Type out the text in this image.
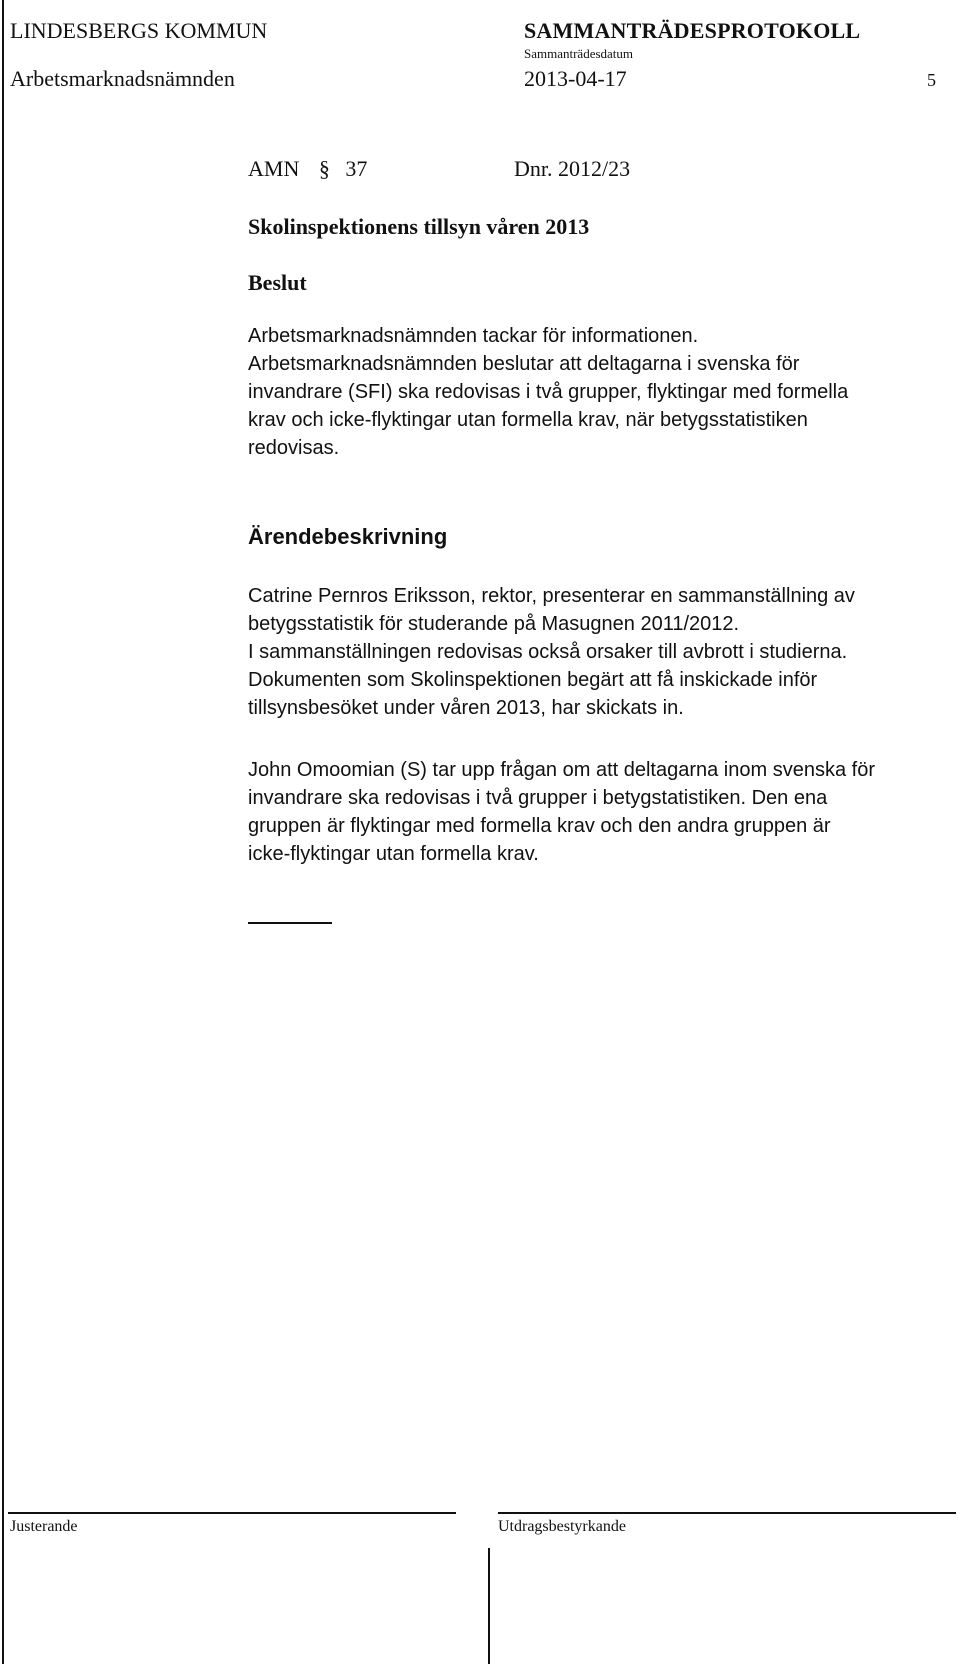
LINDESBERGS KOMMUN
Arbetsmarknadsnämnden
SAMMANTRÄDESPROTOKOLL
Sammanträdesdatum
2013-04-17	5
AMN § 37	Dnr. 2012/23
Skolinspektionens tillsyn våren 2013
Beslut
Arbetsmarknadsnämnden tackar för informationen.
Arbetsmarknadsnämnden beslutar att deltagarna i svenska för
invandrare (SFI) ska redovisas i två grupper, flyktingar med formella
krav och icke-flyktingar utan formella krav, när betygsstatistiken
redovisas.
Ärendebeskrivning
Catrine Pernros Eriksson, rektor, presenterar en sammanställning av
betygsstatistik för studerande på Masugnen 2011/2012.
I sammanställningen redovisas också orsaker till avbrott i studierna.
Dokumenten som Skolinspektionen begärt att få inskickade inför
tillsynsbesöket under våren 2013, har skickats in.
John Omoomian (S) tar upp frågan om att deltagarna inom svenska för
invandrare ska redovisas i två grupper i betygstatistiken. Den ena
gruppen är flyktingar med formella krav och den andra gruppen är
icke-flyktingar utan formella krav.
Justerande	Utdragsbestyrkande
